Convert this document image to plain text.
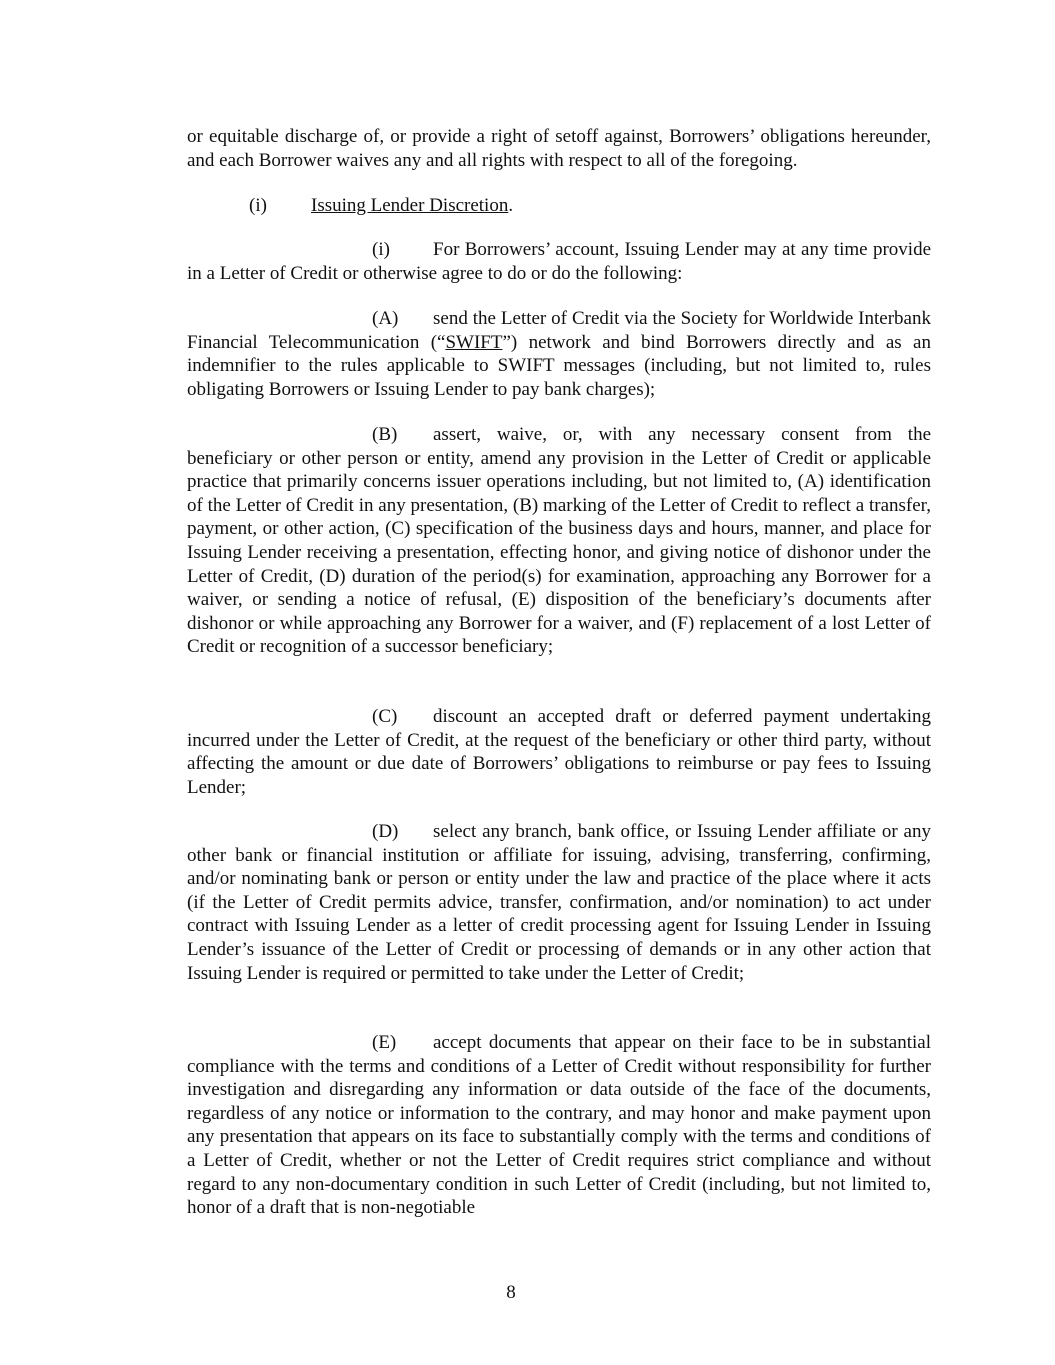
or equitable discharge of, or provide a right of setoff against, Borrowers’ obligations hereunder, and each Borrower waives any and all rights with respect to all of the foregoing.

(i) Issuing Lender Discretion.

(i) For Borrowers’ account, Issuing Lender may at any time provide in a Letter of Credit or otherwise agree to do or do the following:

(A) send the Letter of Credit via the Society for Worldwide Interbank Financial Telecommunication (“SWIFT”) network and bind Borrowers directly and as an indemnifier to the rules applicable to SWIFT messages (including, but not limited to, rules obligating Borrowers or Issuing Lender to pay bank charges);

(B) assert, waive, or, with any necessary consent from the beneficiary or other person or entity, amend any provision in the Letter of Credit or applicable practice that primarily concerns issuer operations including, but not limited to, (A) identification of the Letter of Credit in any presentation, (B) marking of the Letter of Credit to reflect a transfer, payment, or other action, (C) specification of the business days and hours, manner, and place for Issuing Lender receiving a presentation, effecting honor, and giving notice of dishonor under the Letter of Credit, (D) duration of the period(s) for examination, approaching any Borrower for a waiver, or sending a notice of refusal, (E) disposition of the beneficiary’s documents after dishonor or while approaching any Borrower for a waiver, and (F) replacement of a lost Letter of Credit or recognition of a successor beneficiary;

(C) discount an accepted draft or deferred payment undertaking incurred under the Letter of Credit, at the request of the beneficiary or other third party, without affecting the amount or due date of Borrowers’ obligations to reimburse or pay fees to Issuing Lender;

(D) select any branch, bank office, or Issuing Lender affiliate or any other bank or financial institution or affiliate for issuing, advising, transferring, confirming, and/or nominating bank or person or entity under the law and practice of the place where it acts (if the Letter of Credit permits advice, transfer, confirmation, and/or nomination) to act under contract with Issuing Lender as a letter of credit processing agent for Issuing Lender in Issuing Lender’s issuance of the Letter of Credit or processing of demands or in any other action that Issuing Lender is required or permitted to take under the Letter of Credit;

(E) accept documents that appear on their face to be in substantial compliance with the terms and conditions of a Letter of Credit without responsibility for further investigation and disregarding any information or data outside of the face of the documents, regardless of any notice or information to the contrary, and may honor and make payment upon any presentation that appears on its face to substantially comply with the terms and conditions of a Letter of Credit, whether or not the Letter of Credit requires strict compliance and without regard to any non-documentary condition in such Letter of Credit (including, but not limited to, honor of a draft that is non-negotiable

8
